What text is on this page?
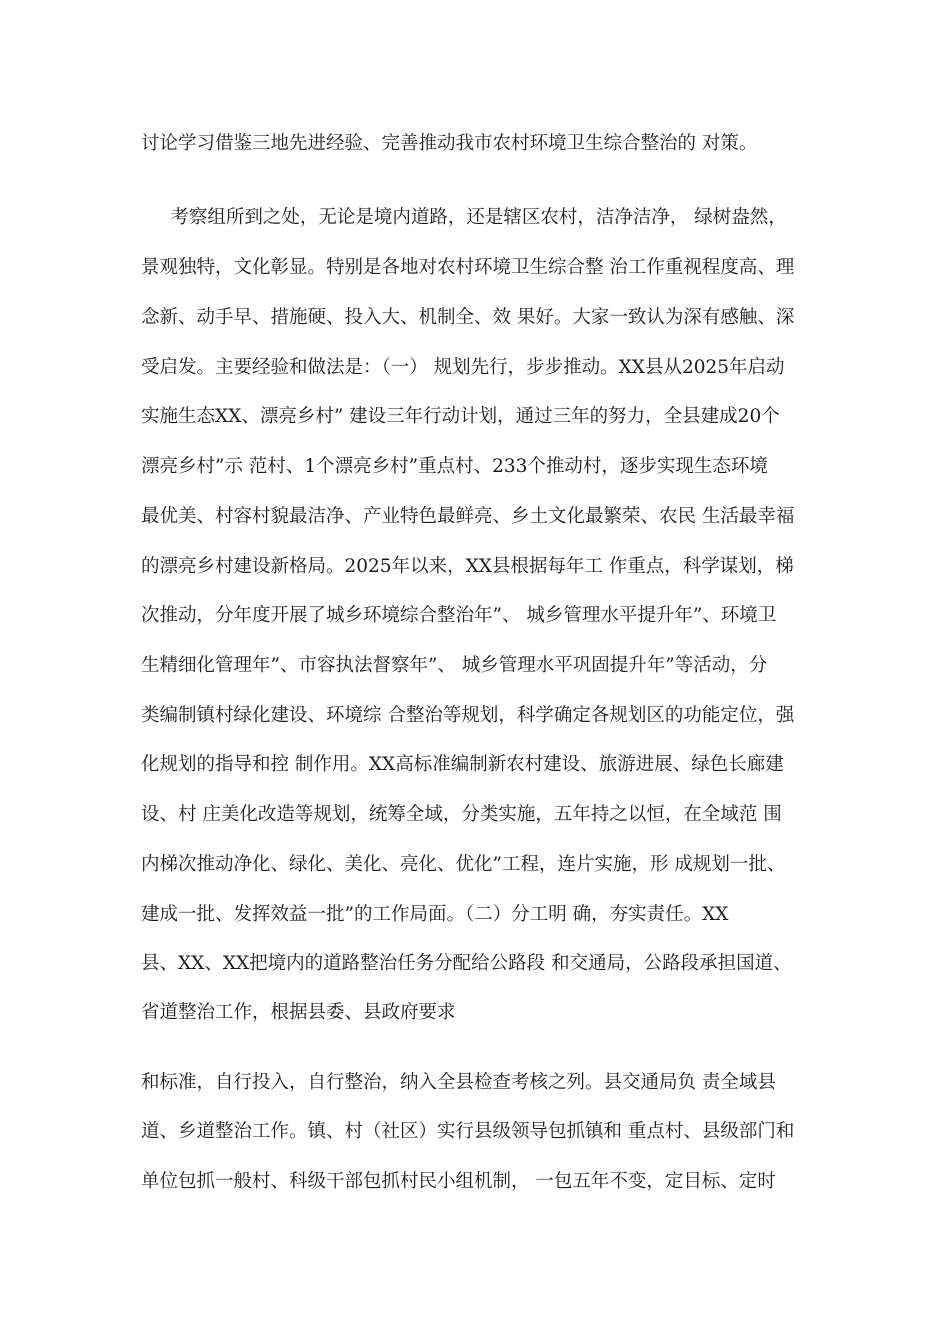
讨论学习借鉴三地先进经验、完善推动我市农村环境卫生综合整治的 对策。
考察组所到之处，无论是境内道路，还是辖区农村，洁净洁净， 绿树盎然，
景观独特，文化彰显。特别是各地对农村环境卫生综合整 治工作重视程度高、理
念新、动手早、措施硬、投入大、机制全、效 果好。大家一致认为深有感触、深
受启发。主要经验和做法是：（一） 规划先行，步步推动。XX县从2025年启动
实施生态XX、漂亮乡村” 建设三年行动计划，通过三年的努力，全县建成20个
漂亮乡村”示 范村、1个漂亮乡村”重点村、233个推动村，逐步实现生态环境
最优美、村容村貌最洁净、产业特色最鲜亮、乡土文化最繁荣、农民 生活最幸福
的漂亮乡村建设新格局。2025年以来，XX县根据每年工 作重点，科学谋划，梯
次推动，分年度开展了城乡环境综合整治年”、 城乡管理水平提升年”、环境卫
生精细化管理年”、市容执法督察年”、 城乡管理水平巩固提升年”等活动，分
类编制镇村绿化建设、环境综 合整治等规划，科学确定各规划区的功能定位，强
化规划的指导和控 制作用。XX高标准编制新农村建设、旅游进展、绿色长廊建
设、村 庄美化改造等规划，统筹全域，分类实施，五年持之以恒，在全域范 围
内梯次推动净化、绿化、美化、亮化、优化”工程，连片实施，形 成规划一批、
建成一批、发挥效益一批”的工作局面。（二）分工明 确，夯实责任。XX
县、XX、XX把境内的道路整治任务分配给公路段 和交通局，公路段承担国道、
省道整治工作，根据县委、县政府要求
和标准，自行投入，自行整治，纳入全县检查考核之列。县交通局负 责全域县
道、乡道整治工作。镇、村（社区）实行县级领导包抓镇和 重点村、县级部门和
单位包抓一般村、科级干部包抓村民小组机制， 一包五年不变，定目标、定时
